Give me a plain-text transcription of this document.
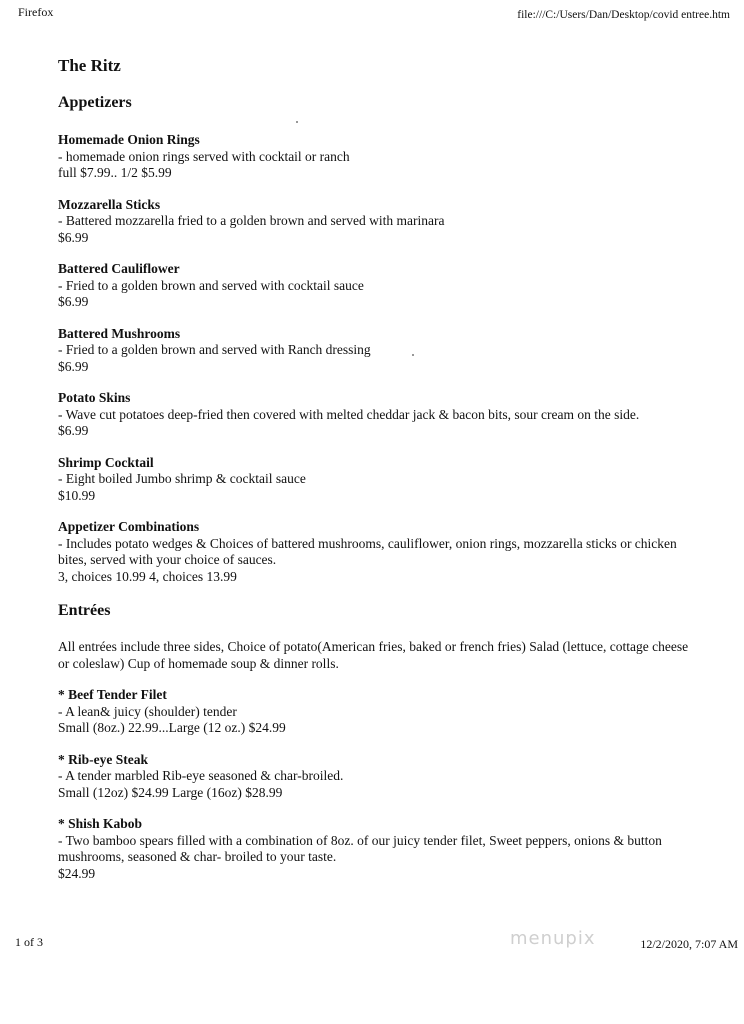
Firefox	file:///C:/Users/Dan/Desktop/covid entree.htm
The Ritz
Appetizers
Homemade Onion Rings
- homemade onion rings served with cocktail or ranch
full $7.99.. 1/2 $5.99
Mozzarella Sticks
- Battered mozzarella fried to a golden brown and served with marinara
$6.99
Battered Cauliflower
- Fried to a golden brown and served with cocktail sauce
$6.99
Battered Mushrooms
- Fried to a golden brown and served with Ranch dressing
$6.99
Potato Skins
- Wave cut potatoes deep-fried then covered with melted cheddar jack & bacon bits, sour cream on the side.
$6.99
Shrimp Cocktail
- Eight boiled Jumbo shrimp & cocktail sauce
$10.99
Appetizer Combinations
- Includes potato wedges & Choices of battered mushrooms, cauliflower, onion rings, mozzarella sticks or chicken bites, served with your choice of sauces.
3, choices 10.99 4, choices 13.99
Entrées
All entrées include three sides, Choice of potato(American fries, baked or french fries) Salad (lettuce, cottage cheese or coleslaw) Cup of homemade soup & dinner rolls.
* Beef Tender Filet
- A lean& juicy (shoulder) tender
Small (8oz.) 22.99...Large (12 oz.) $24.99
* Rib-eye Steak
- A tender marbled Rib-eye seasoned & char-broiled.
Small (12oz) $24.99 Large (16oz) $28.99
* Shish Kabob
- Two bamboo spears filled with a combination of 8oz. of our juicy tender filet, Sweet peppers, onions & button mushrooms, seasoned & char- broiled to your taste.
$24.99
1 of 3	menupix	12/2/2020, 7:07 AM
